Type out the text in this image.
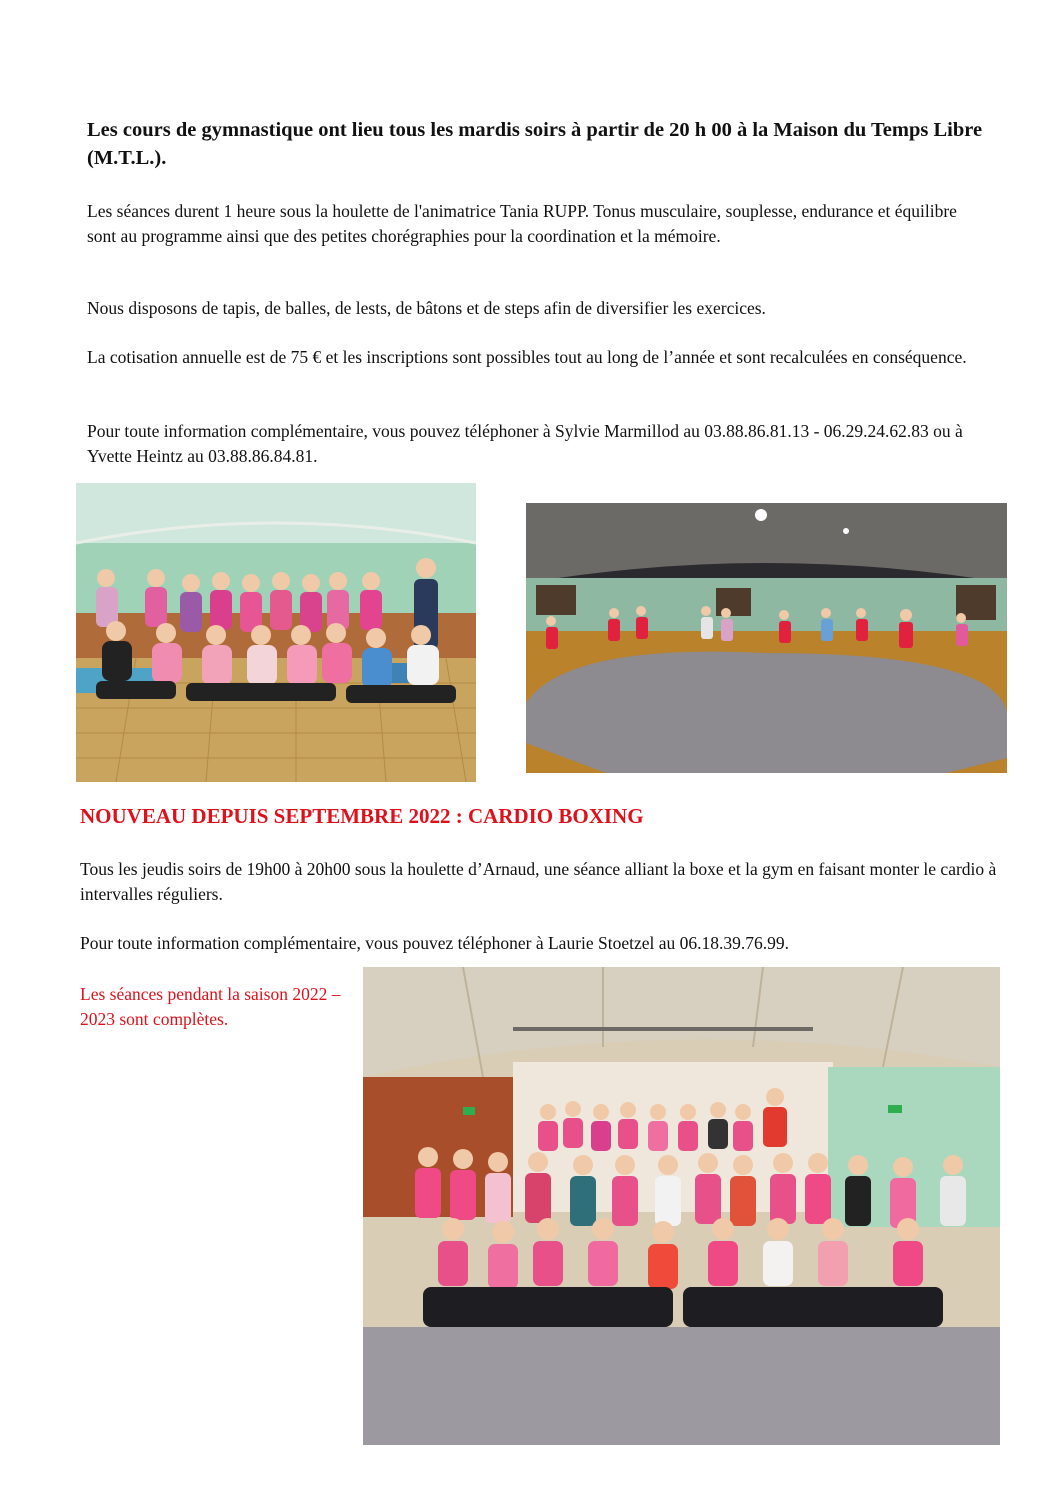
Les cours de gymnastique ont lieu tous les mardis soirs à partir de 20 h 00 à la Maison du Temps Libre (M.T.L.).
Les séances durent 1 heure sous la houlette de l'animatrice Tania RUPP. Tonus musculaire, souplesse, endurance et équilibre sont au programme ainsi que des petites chorégraphies pour la coordination et la mémoire.
Nous disposons de tapis, de balles, de lests, de bâtons et de steps afin de diversifier les exercices.
La cotisation annuelle est de 75 € et les inscriptions sont possibles tout au long de l’année et sont recalculées en conséquence.
Pour toute information complémentaire, vous pouvez téléphoner à Sylvie Marmillod au 03.88.86.81.13 - 06.29.24.62.83 ou à Yvette Heintz au 03.88.86.84.81.
NOUVEAU DEPUIS SEPTEMBRE 2022 : CARDIO BOXING
Tous les jeudis soirs de 19h00 à 20h00 sous la houlette d’Arnaud, une séance alliant la boxe et la gym en faisant monter le cardio à intervalles réguliers.
Pour toute information complémentaire, vous pouvez téléphoner à Laurie Stoetzel au 06.18.39.76.99.
Les séances pendant la saison 2022 – 2023 sont complètes.
